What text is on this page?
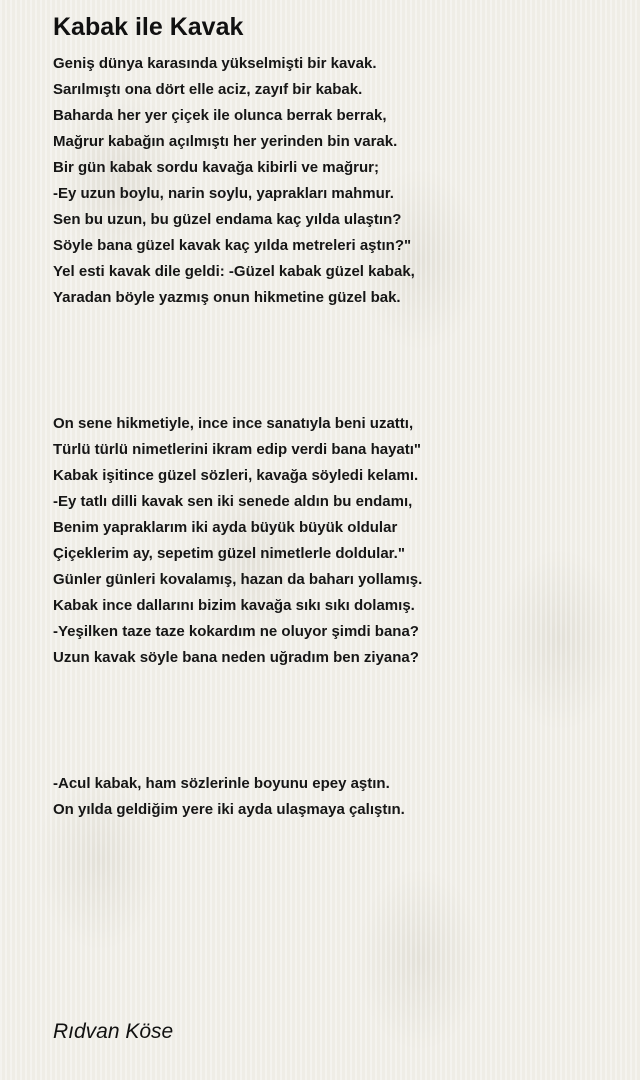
Kabak ile Kavak
Geniş dünya karasında yükselmişti bir kavak.
Sarılmıştı ona dört elle aciz, zayıf bir kabak.
Baharda her yer çiçek ile olunca berrak berrak,
Mağrur kabağın açılmıştı her yerinden bin varak.
Bir gün kabak sordu kavağa kibirli ve mağrur;
-Ey uzun boylu, narin soylu, yaprakları mahmur.
Sen bu uzun, bu güzel endama kaç yılda ulaştın?
Söyle bana güzel kavak kaç yılda metreleri aştın?"
Yel esti kavak dile geldi: -Güzel kabak güzel kabak,
Yaradan böyle yazmış onun hikmetine güzel bak.
On sene hikmetiyle, ince ince sanatıyla beni uzattı,
Türlü türlü nimetlerini ikram edip verdi bana hayatı"
Kabak işitince güzel sözleri, kavağa söyledi kelamı.
-Ey tatlı dilli kavak sen iki senede aldın bu endamı,
Benim yapraklarım iki ayda büyük büyük oldular
Çiçeklerim ay, sepetim güzel nimetlerle doldular."
Günler günleri kovalamış, hazan da baharı yollamış.
Kabak ince dallarını bizim kavağa sıkı sıkı dolamış.
-Yeşilken taze taze kokardım ne oluyor şimdi bana?
Uzun kavak söyle bana neden uğradım ben ziyana?
-Acul kabak, ham sözlerinle boyunu epey aştın.
On yılda geldiğim yere iki ayda ulaşmaya çalıştın.
Rıdvan Köse
